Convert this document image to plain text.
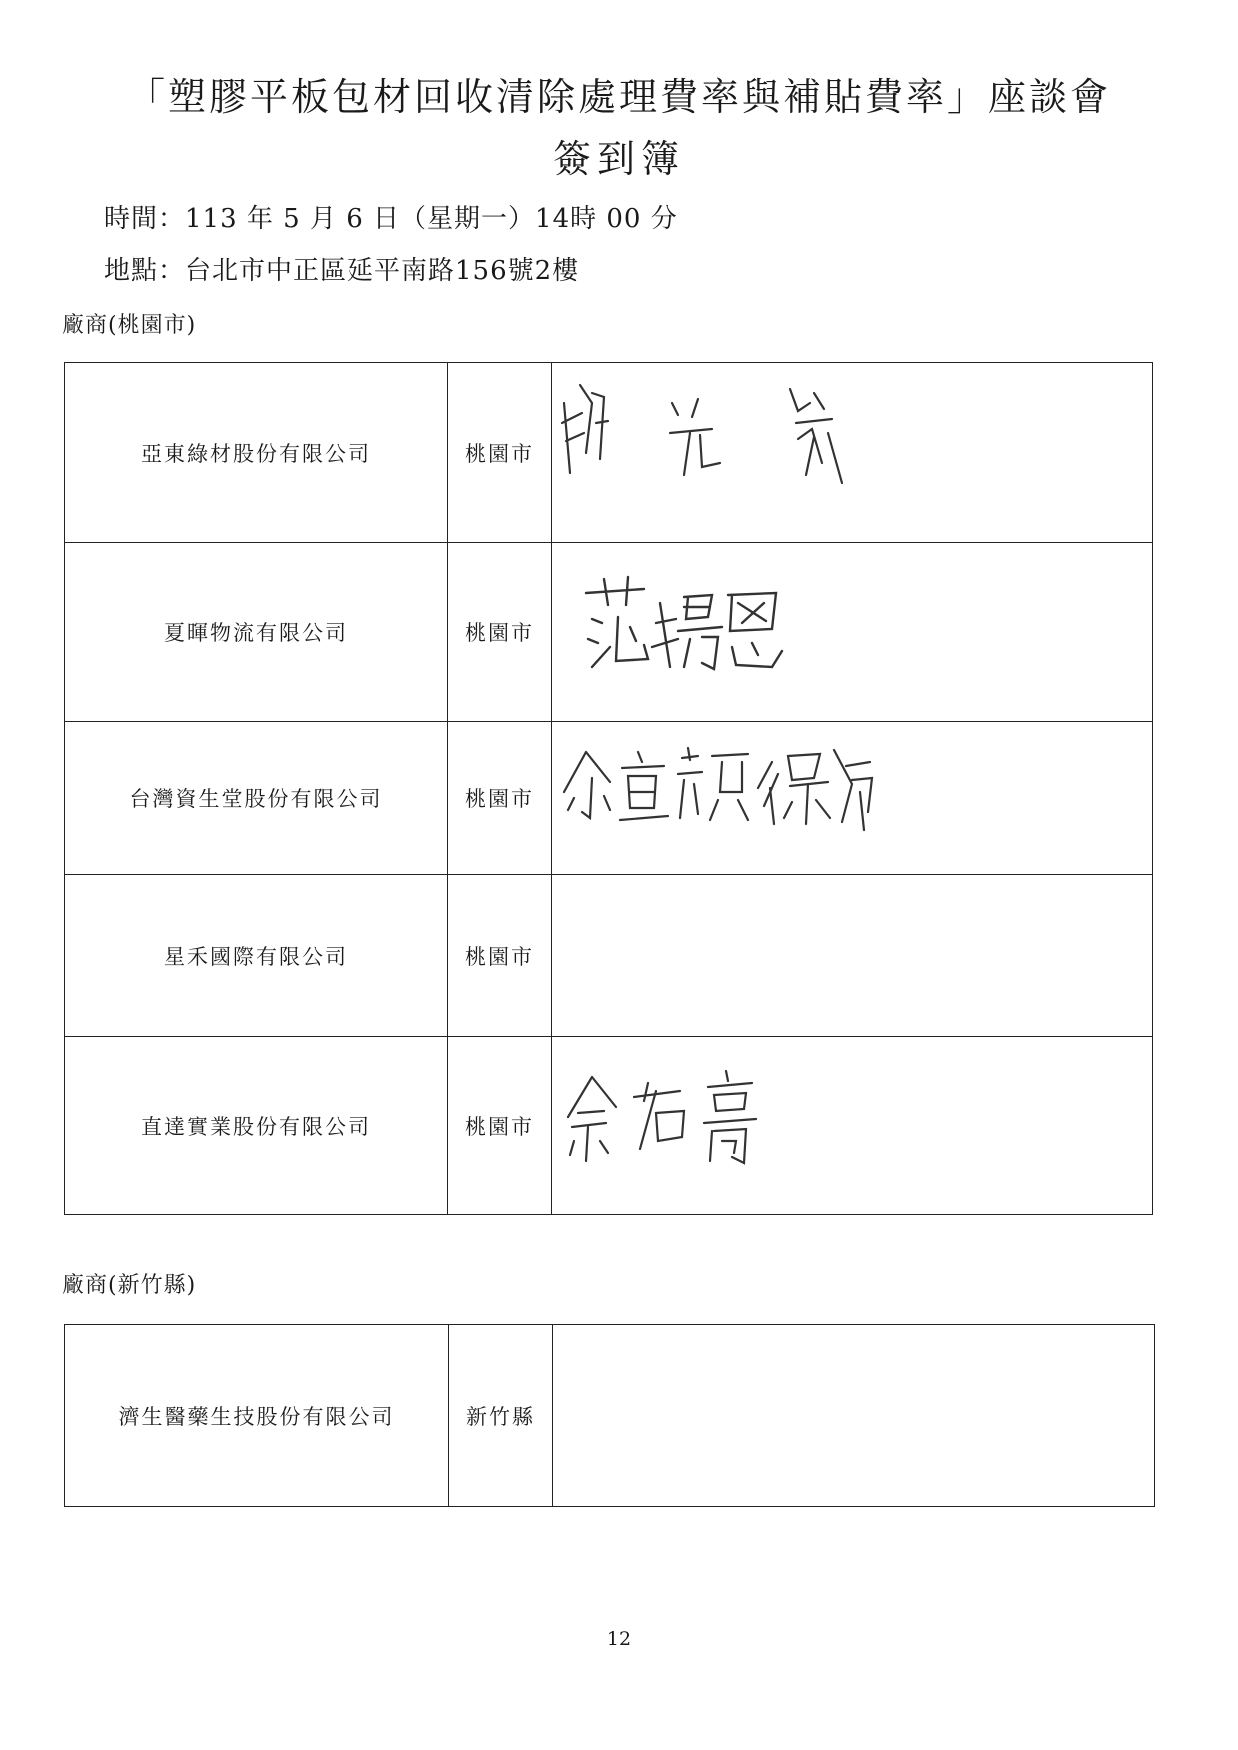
「塑膠平板包材回收清除處理費率與補貼費率」座談會
簽到簿
時間：113 年 5 月 6 日（星期一）14時 00 分
地點：台北市中正區延平南路156號2樓
廠商(桃園市)
亞東綠材股份有限公司	桃園市	

夏暉物流有限公司	桃園市	

台灣資生堂股份有限公司	桃園市	

星禾國際有限公司	桃園市	
直達實業股份有限公司	桃園市	
廠商(新竹縣)
濟生醫藥生技股份有限公司	新竹縣	
12
